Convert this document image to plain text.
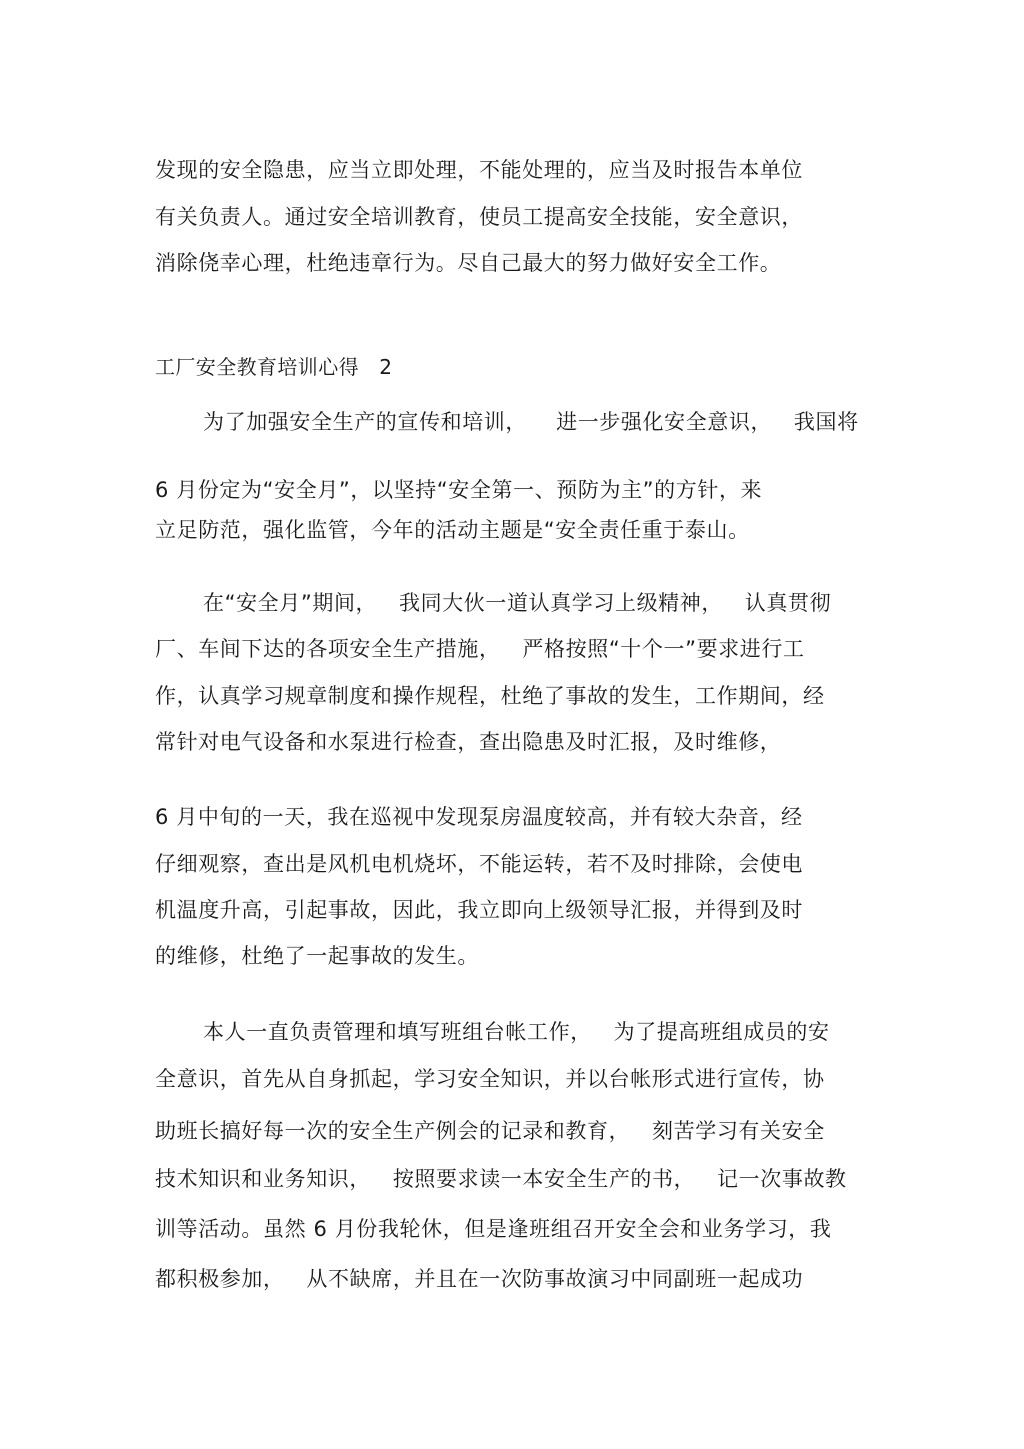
发现的安全隐患，应当立即处理，不能处理的，应当及时报告本单位

有关负责人。通过安全培训教育，使员工提高安全技能，安全意识，

消除侥幸心理，杜绝违章行为。尽自己最大的努力做好安全工作。

工厂安全教育培训心得   2

为了加强安全生产的宣传和培训，    进一步强化安全意识，   我国将

6 月份定为“安全月”，以坚持“安全第一、预防为主”的方针，来

立足防范，强化监管，今年的活动主题是“安全责任重于泰山。

在“安全月”期间，   我同大伙一道认真学习上级精神，   认真贯彻

厂、车间下达的各项安全生产措施，   严格按照“十个一”要求进行工

作，认真学习规章制度和操作规程，杜绝了事故的发生，工作期间，经

常针对电气设备和水泵进行检查，查出隐患及时汇报，及时维修，

6 月中旬的一天，我在巡视中发现泵房温度较高，并有较大杂音，经

仔细观察，查出是风机电机烧坏，不能运转，若不及时排除，会使电

机温度升高，引起事故，因此，我立即向上级领导汇报，并得到及时

的维修，杜绝了一起事故的发生。

本人一直负责管理和填写班组台帐工作，   为了提高班组成员的安

全意识，首先从自身抓起，学习安全知识，并以台帐形式进行宣传，协

助班长搞好每一次的安全生产例会的记录和教育，   刻苦学习有关安全

技术知识和业务知识，   按照要求读一本安全生产的书，   记一次事故教

训等活动。虽然 6 月份我轮休，但是逢班组召开安全会和业务学习，我

都积极参加，   从不缺席，并且在一次防事故演习中同副班一起成功
